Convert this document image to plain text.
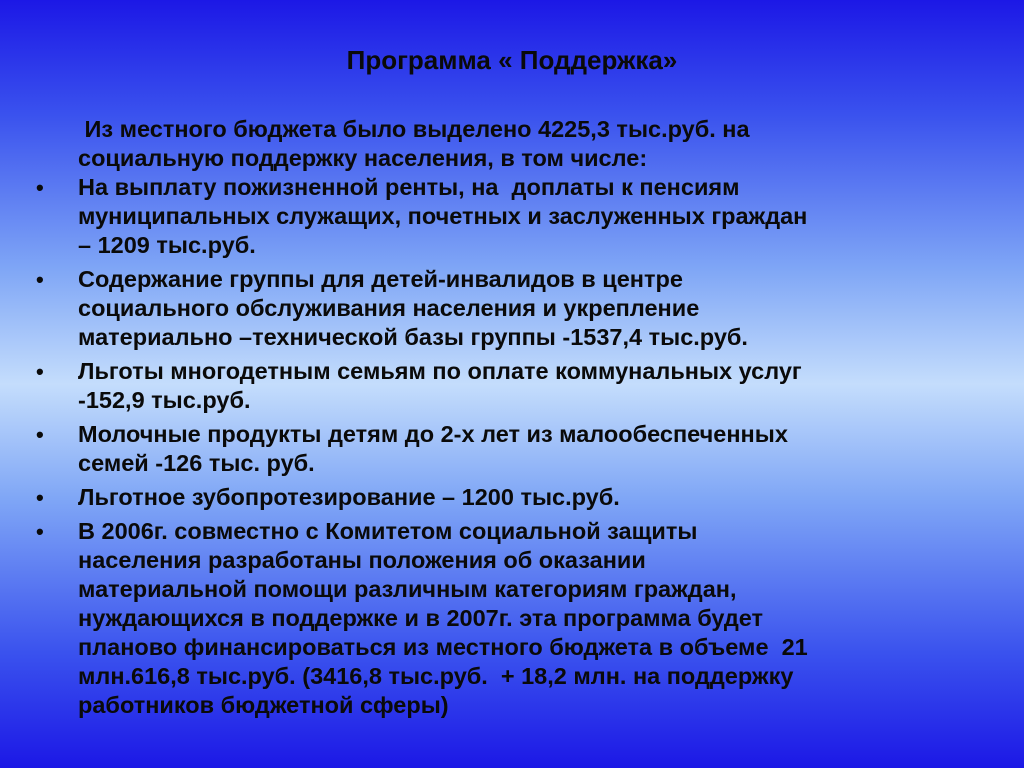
Программа « Поддержка»
Из местного бюджета было выделено 4225,3 тыс.руб. на
социальную поддержку населения, в том числе:
•	На выплату пожизненной ренты, на  доплаты к пенсиям
муниципальных служащих, почетных и заслуженных граждан
– 1209 тыс.руб.
•	Содержание группы для детей-инвалидов в центре
социального обслуживания населения и укрепление
материально –технической базы группы -1537,4 тыс.руб.
•	Льготы многодетным семьям по оплате коммунальных услуг
-152,9 тыс.руб.
•	Молочные продукты детям до 2-х лет из малообеспеченных
семей -126 тыс. руб.
•	Льготное зубопротезирование – 1200 тыс.руб.
•	В 2006г. совместно с Комитетом социальной защиты
населения разработаны положения об оказании
материальной помощи различным категориям граждан,
нуждающихся в поддержке и в 2007г. эта программа будет
планово финансироваться из местного бюджета в объеме  21
млн.616,8 тыс.руб. (3416,8 тыс.руб.  + 18,2 млн. на поддержку
работников бюджетной сферы)
